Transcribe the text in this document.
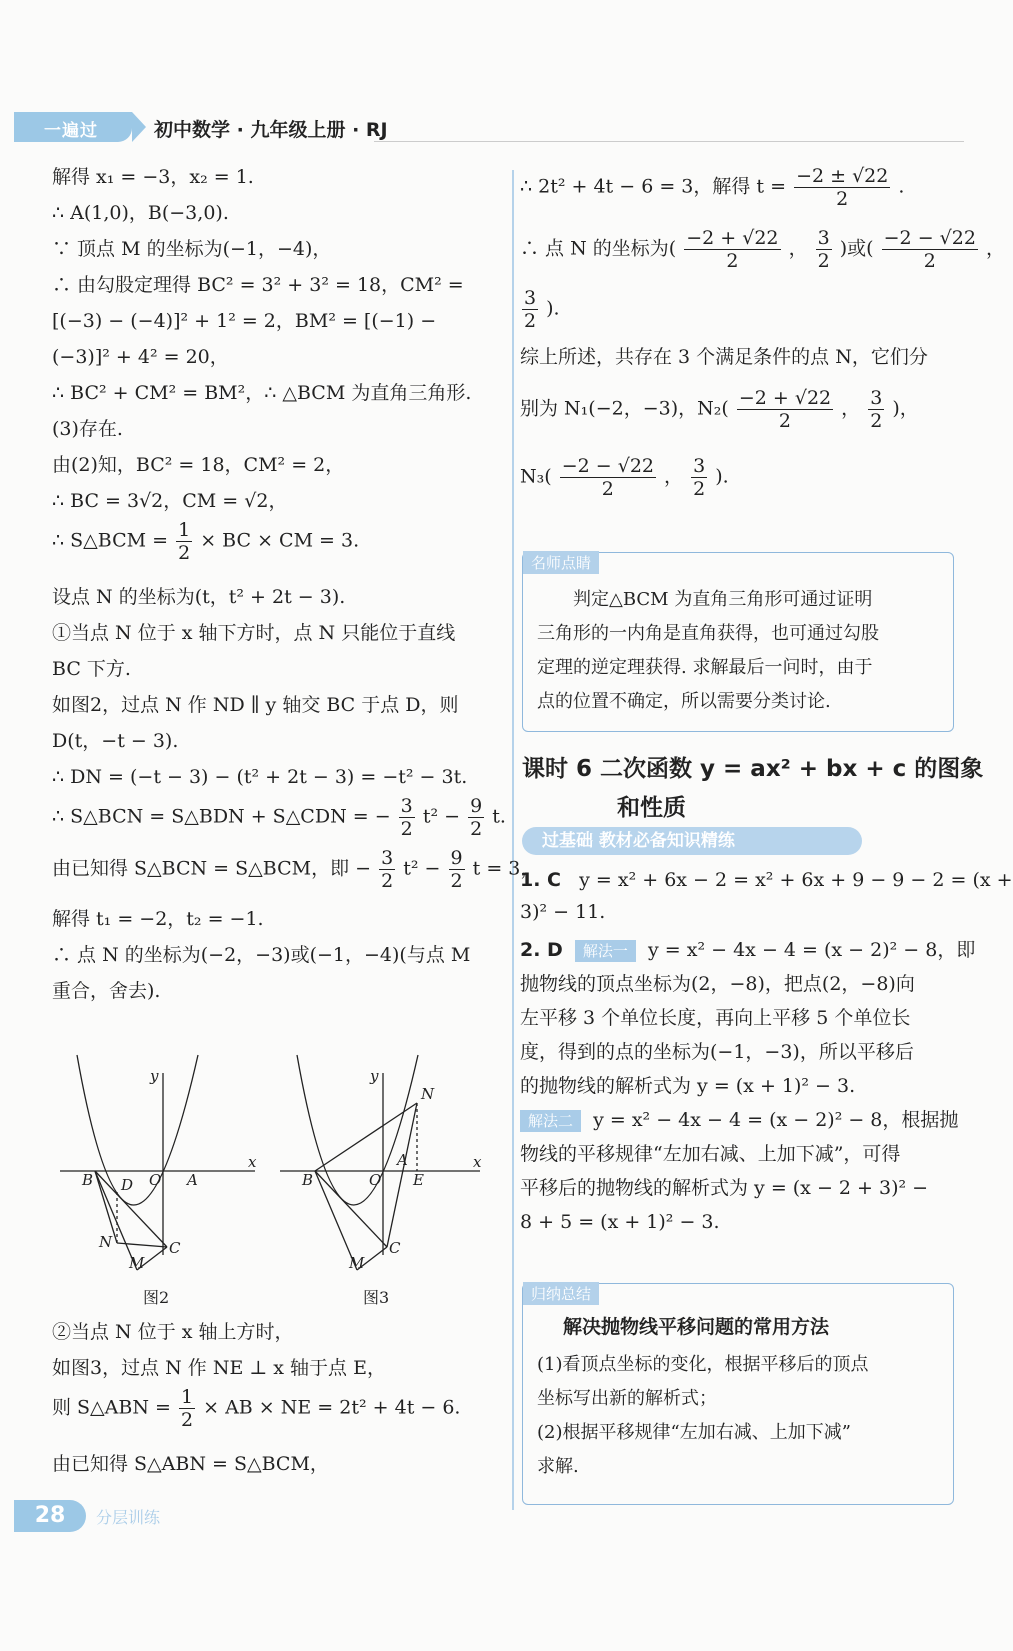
一遍过	初中数学 · 九年级上册 · RJ
解得 x₁ = −3，x₂ = 1.
∴ A(1,0)，B(−3,0).
∵ 顶点 M 的坐标为(−1，−4)，
∴ 由勾股定理得 BC² = 3² + 3² = 18，CM² =
[(−3) − (−4)]² + 1² = 2，BM² = [(−1) −
(−3)]² + 4² = 20，
∴ BC² + CM² = BM²，∴ △BCM 为直角三角形.
(3)存在.
由(2)知，BC² = 18，CM² = 2，
∴ BC = 3√2，CM = √2，
∴ S△BCM = $\frac{1}{2}$ × BC × CM = 3.
设点 N 的坐标为(t，t² + 2t − 3).
①当点 N 位于 x 轴下方时，点 N 只能位于直线
BC 下方.
如图2，过点 N 作 ND ∥ y 轴交 BC 于点 D，则
D(t，−t − 3).
∴ DN = (−t − 3) − (t² + 2t − 3) = −t² − 3t.
∴ S△BCN = S△BDN + S△CDN = − $\frac{3}{2} t^2 - \frac{9}{2} t$.
由已知得 S△BCN = S△BCM，即 − $\frac{3}{2} t^2 - \frac{9}{2}$ t = 3，
解得 t₁ = −2，t₂ = −1.
∴ 点 N 的坐标为(−2，−3)或(−1，−4)(与点 M
重合，舍去).
x
y
O A
B D
N	C
M
图2
x
y
O
A
B
N
E
C
M
图3
②当点 N 位于 x 轴上方时，
如图3，过点 N 作 NE ⊥ x 轴于点 E，
则 S△ABN = $\frac{1}{2}$ × AB × NE = 2t² + 4t − 6.
由已知得 S△ABN = S△BCM，
∴ 2t² + 4t − 6 = 3，解得 $t = \frac{-2 \pm √22}{2}$ .
∴ 点 N 的坐标为( $\frac{-2 + √22}{2}$ ， $\frac{3}{2}$ )或( $\frac{-2 - √22}{2}$ ，
$\frac{3}{2}$ ).
综上所述，共存在 3 个满足条件的点 N，它们分
别为 N₁(−2，−3)，$N_2( \frac{-2 + √22}{2}$ ， $\frac{3}{2}$ )，
$N_3( \frac{-2 - √22}{2}$ ， $\frac{3}{2}$ ).
名师点睛
判定△BCM 为直角三角形可通过证明
三角形的一内角是直角获得，也可通过勾股
定理的逆定理获得. 求解最后一问时，由于
点的位置不确定，所以需要分类讨论.
课时 6 二次函数 y = ax² + bx + c 的图象
和性质
过基础 教材必备知识精练
1. C y = x² + 6x − 2 = x² + 6x + 9 − 9 − 2 = (x +
3)² − 11.
2. D 解法一 y = x² − 4x − 4 = (x − 2)² − 8，即
抛物线的顶点坐标为(2，−8)，把点(2，−8)向
左平移 3 个单位长度，再向上平移 5 个单位长
度，得到的点的坐标为(−1，−3)，所以平移后
的抛物线的解析式为 y = (x + 1)² − 3.
解法二 y = x² − 4x − 4 = (x − 2)² − 8，根据抛
物线的平移规律“左加右减、上加下减”，可得
平移后的抛物线的解析式为 y = (x − 2 + 3)² −
8 + 5 = (x + 1)² − 3.
归纳总结
解决抛物线平移问题的常用方法
(1)看顶点坐标的变化，根据平移后的顶点
坐标写出新的解析式；
(2)根据平移规律“左加右减、上加下减”
求解.
28	分层训练
